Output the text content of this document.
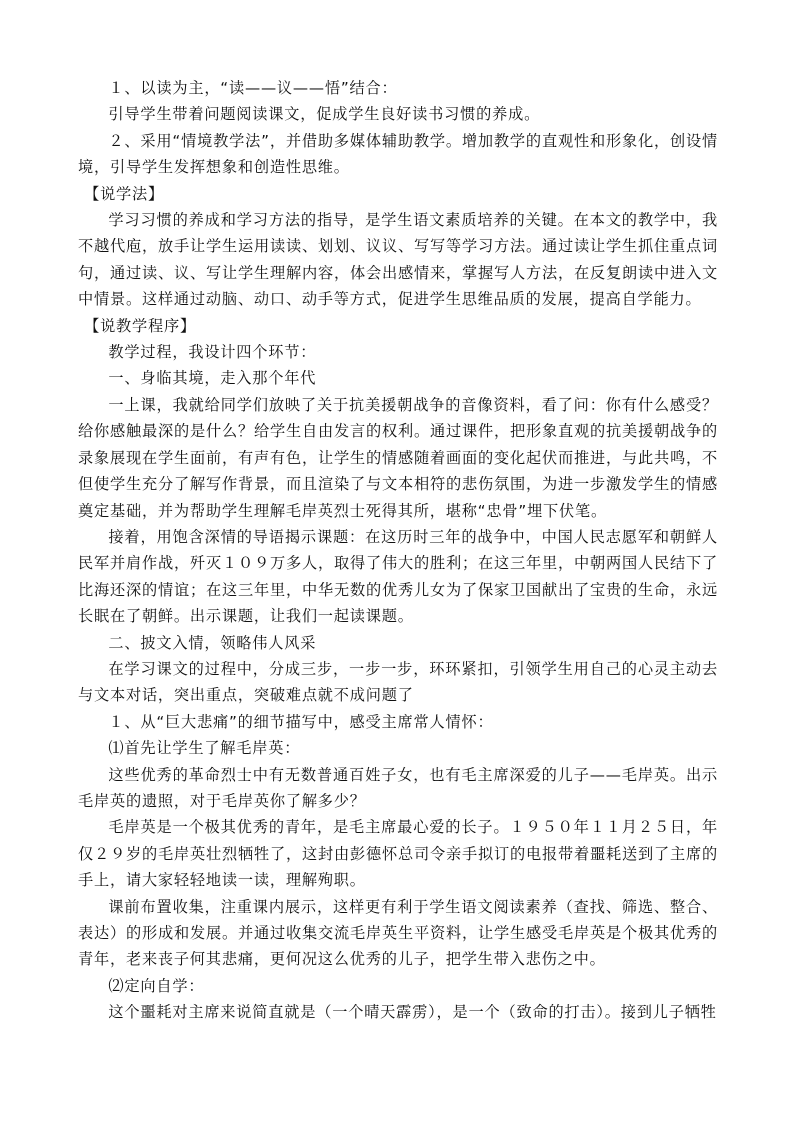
１、以读为主，“读——议——悟”结合：

引导学生带着问题阅读课文，促成学生良好读书习惯的养成。

２、采用“情境教学法”，并借助多媒体辅助教学。增加教学的直观性和形象化，创设情境，引导学生发挥想象和创造性思维。

【说学法】

学习习惯的养成和学习方法的指导，是学生语文素质培养的关键。在本文的教学中，我不越代庖，放手让学生运用读读、划划、议议、写写等学习方法。通过读让学生抓住重点词句，通过读、议、写让学生理解内容，体会出感情来，掌握写人方法，在反复朗读中进入文中情景。这样通过动脑、动口、动手等方式，促进学生思维品质的发展，提高自学能力。

【说教学程序】

教学过程，我设计四个环节：

一、身临其境，走入那个年代

一上课，我就给同学们放映了关于抗美援朝战争的音像资料，看了问：你有什么感受？给你感触最深的是什么？给学生自由发言的权利。通过课件，把形象直观的抗美援朝战争的录象展现在学生面前，有声有色，让学生的情感随着画面的变化起伏而推进，与此共鸣，不但使学生充分了解写作背景，而且渲染了与文本相符的悲伤氛围，为进一步激发学生的情感奠定基础，并为帮助学生理解毛岸英烈士死得其所，堪称“忠骨”埋下伏笔。

接着，用饱含深情的导语揭示课题：在这历时三年的战争中，中国人民志愿军和朝鲜人民军并肩作战，歼灭１０９万多人，取得了伟大的胜利；在这三年里，中朝两国人民结下了比海还深的情谊；在这三年里，中华无数的优秀儿女为了保家卫国献出了宝贵的生命，永远长眠在了朝鲜。出示课题，让我们一起读课题。

二、披文入情，领略伟人风采

在学习课文的过程中，分成三步，一步一步，环环紧扣，引领学生用自己的心灵主动去与文本对话，突出重点，突破难点就不成问题了

１、从“巨大悲痛”的细节描写中，感受主席常人情怀：

⑴首先让学生了解毛岸英：

这些优秀的革命烈士中有无数普通百姓子女，也有毛主席深爱的儿子——毛岸英。出示毛岸英的遗照，对于毛岸英你了解多少？

毛岸英是一个极其优秀的青年，是毛主席最心爱的长子。１９５０年１１月２５日，年仅２９岁的毛岸英壮烈牺牲了，这封由彭德怀总司令亲手拟订的电报带着噩耗送到了主席的手上，请大家轻轻地读一读，理解殉职。

课前布置收集，注重课内展示，这样更有利于学生语文阅读素养（查找、筛选、整合、表达）的形成和发展。并通过收集交流毛岸英生平资料，让学生感受毛岸英是个极其优秀的青年，老来丧子何其悲痛，更何况这么优秀的儿子，把学生带入悲伤之中。

⑵定向自学：

这个噩耗对主席来说简直就是（一个晴天霹雳），是一个（致命的打击）。接到儿子牺牲
